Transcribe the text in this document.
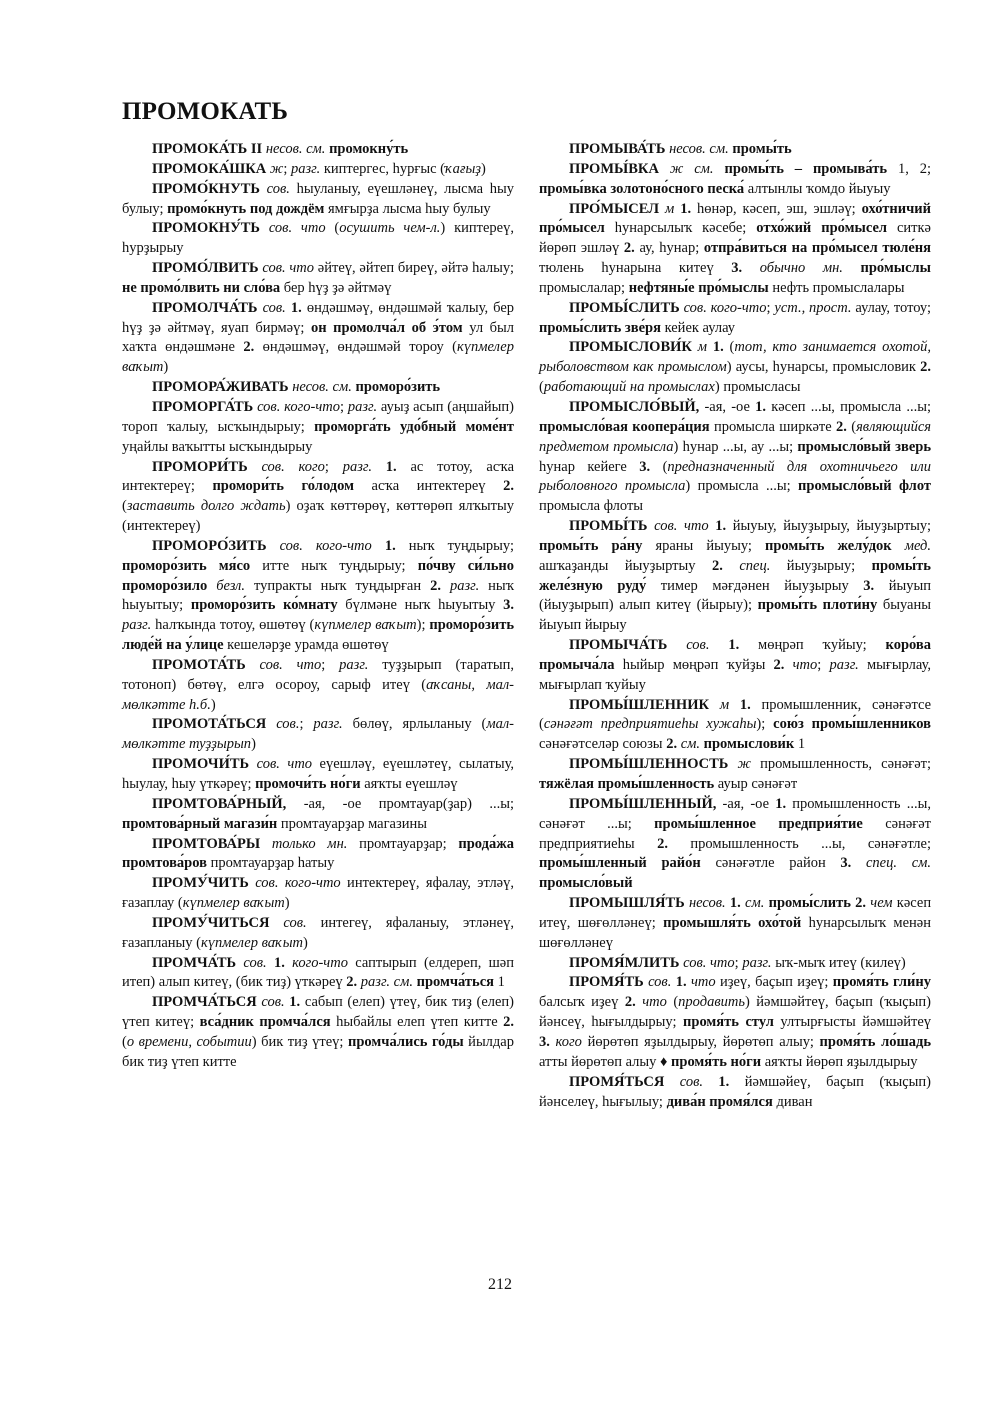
ПРОМОКАТЬ

ПРОМОКА́ТЬ II несов. см. промокну́ть

ПРОМОКА́ШКА ж; разг. киптергес, һурғыс (ҡағыҙ)

ПРОМО́КНУТЬ сов. һыуланыу, еүешләнеү, лысма һыу булыу; промо́кнуть под дождём ямғырҙа лысма һыу булыу

ПРОМОКНУ́ТЬ сов. что (осушить чем-л.) киптереү, һурҙырыу

ПРОМО́ЛВИТЬ сов. что әйтеү, әйтеп биреү, әйтә һалыу; не промо́лвить ни сло́ва бер һүҙ ҙә әйтмәү

ПРОМОЛЧА́ТЬ сов. 1. өндәшмәү, өндәшмәй ҡалыу, бер һүҙ ҙә әйтмәү, яуап бирмәү; он промолча́л об э́том ул был хаҡта өндәшмәне 2. өндәшмәү, өндәшмәй тороу (күпмелер ваҡыт)

ПРОМОРА́ЖИВАТЬ несов. см. проморо́зить

ПРОМОРГА́ТЬ сов. кого-что; разг. ауыҙ асып (аңшайып) тороп ҡалыу, ысҡындырыу; проморга́ть удо́бный моме́нт уңайлы ваҡытты ысҡындырыу

ПРОМОРИ́ТЬ сов. кого; разг. 1. ас тотоу, асҡа интектереү; промори́ть го́лодом асҡа интектереү 2. (заставить долго ждать) оҙаҡ көттөрөү, көттөрөп ялҡытыу (интектереү)

ПРОМОРО́ЗИТЬ сов. кого-что 1. ныҡ туңдырыу; проморо́зить мя́со итте ныҡ туңдырыу; по́чву си́льно проморо́зило безл. тупракты ныҡ туңдырған 2. разг. ныҡ һыуытыу; проморо́зить ко́мнату бүлмәне ныҡ һыуытыу 3. разг. һалҡында тотоу, өшөтөү (күпмелер ваҡыт); проморо́зить люде́й на у́лице кешеләрҙе урамда өшөтөү

ПРОМОТА́ТЬ сов. что; разг. туҙҙырып (таратып, тотоноп) бөтөү, елгә осороу, сарыф итеү (аҡсаны, мал-мөлкәтте h.б.)

ПРОМОТА́ТЬСЯ сов.; разг. бөлөү, ярлыланыу (мал-мөлкәтте туҙҙырып)

ПРОМОЧИ́ТЬ сов. что еүешләү, еүешләтеү, сылатыу, һыулау, һыу үткәреү; промочи́ть но́ги аяҡты еүешләү

ПРОМТОВА́РНЫЙ, -ая, -ое промтауар(ҙар) ...ы; промтова́рный магази́н промтауарҙар магазины

ПРОМТОВА́РЫ только мн. промтауарҙар; прода́жа промтова́ров промтауарҙар һатыу

ПРОМУ́ЧИТЬ сов. кого-что интектереү, яфалау, этләү, ғазаплау (күпмелер ваҡыт)

ПРОМУ́ЧИТЬСЯ сов. интегеү, яфаланыу, этләнеү, ғазапланыу (күпмелер ваҡыт)

ПРОМЧА́ТЬ сов. 1. кого-что саптырып (елдереп, шәп итеп) алып китеү, (бик тиҙ) үткәреү 2. разг. см. промча́ться 1

ПРОМЧА́ТЬСЯ сов. 1. сабып (елеп) үтеү, бик тиҙ (елеп) үтеп китеү; вса́дник промча́лся һыбайлы елеп үтеп китте 2. (о времени, событии) бик тиҙ үтеү; промча́лись го́ды йылдар бик тиҙ үтеп китте

ПРОМЫВА́ТЬ несов. см. промы́ть

ПРОМЫ́ВКА ж см. промы́ть – промыва́ть 1, 2; промы́вка золотоно́сного песка́ алтынлы ҡомдо йыуыу

ПРО́МЫСЕЛ м 1. һөнәр, кәсеп, эш, эшләү; охо́тничий про́мысел һунарсылыҡ кәсебе; отхо́жий про́мысел ситкә йөрөп эшләү 2. ау, һунар; отпра́виться на про́мысел тюле́ня тюлень һунарына китеү 3. обычно мн. про́мыслы промыслалар; нефтяны́е про́мыслы нефть промыслалары

ПРОМЫ́СЛИТЬ сов. кого-что; уст., прост. аулау, тотоу; промы́слить зве́ря кейек аулау

ПРОМЫСЛОВИ́К м 1. (тот, кто занимается охотой, рыболовством как промыслом) аусы, һунарсы, промысловик 2. (работающий на промыслах) промысласы

ПРОМЫСЛО́ВЫЙ, -ая, -ое 1. кәсеп ...ы, промысла ...ы; промысло́вая коопера́ция промысла ширкәте 2. (являющийся предметом промысла) һунар ...ы, ау ...ы; промысло́вый зверь һунар кейеге 3. (предназначенный для охотничьего или рыболовного промысла) промысла ...ы; промысло́вый флот промысла флоты

ПРОМЫ́ТЬ сов. что 1. йыуыу, йыуҙырыу, йыуҙыртыу; промы́ть ра́ну яраны йыуыу; промы́ть желу́док мед. ашҡаҙанды йыуҙыртыу 2. спец. йыуҙырыу; промы́ть желе́зную руду́ тимер мәғдәнен йыуҙырыу 3. йыуып (йыуҙырып) алып китеү (йырыу); промы́ть плоти́ну быуаны йыуып йырыу

ПРОМЫЧА́ТЬ сов. 1. мөңрәп ҡуйыу; коро́ва промыча́ла һыйыр мөңрәп ҡуйҙы 2. что; разг. мығырлау, мығырлап ҡуйыу

ПРОМЫ́ШЛЕННИК м 1. промышленник, сәнәғәтсе (сәнәғәт предприятиеһы хужаһы); сою́з промы́шленников сәнәғәтселәр союзы 2. см. промыслови́к 1

ПРОМЫ́ШЛЕННОСТЬ ж промышленность, сәнәғәт; тяжёлая промы́шленность ауыр сәнәғәт

ПРОМЫ́ШЛЕННЫЙ, -ая, -ое 1. промышленность ...ы, сәнәғәт ...ы; промы́шленное предприя́тие сәнәғәт предприятиеһы 2. промышленность ...ы, сәнәғәтле; промы́шленный райо́н сәнәғәтле район 3. спец. см. промысло́вый

ПРОМЫШЛЯ́ТЬ несов. 1. см. промы́слить 2. чем кәсеп итеү, шөғөлләнеү; промышля́ть охо́той һунарсылыҡ менән шөғөлләнеү

ПРОМЯ́МЛИТЬ сов. что; разг. ыҡ-мыҡ итеү (килеү)

ПРОМЯ́ТЬ сов. 1. что иҙеү, баҫып иҙеү; промя́ть гли́ну балсыҡ иҙеү 2. что (продавить) йәмшәйтеү, баҫып (ҡыҫып) йәнсеү, һығылдырыу; промя́ть стул ултырғысты йәмшәйтеү 3. кого йөрөтөп яҙылдырыу, йөрөтөп алыу; промя́ть ло́шадь атты йөрөтөп алыу ♦ промя́ть но́ги аяҡты йөрөп яҙылдырыу

ПРОМЯ́ТЬСЯ сов. 1. йәмшәйеү, баҫып (ҡыҫып) йәнселеү, һығылыу; дива́н промя́лся диван

212
